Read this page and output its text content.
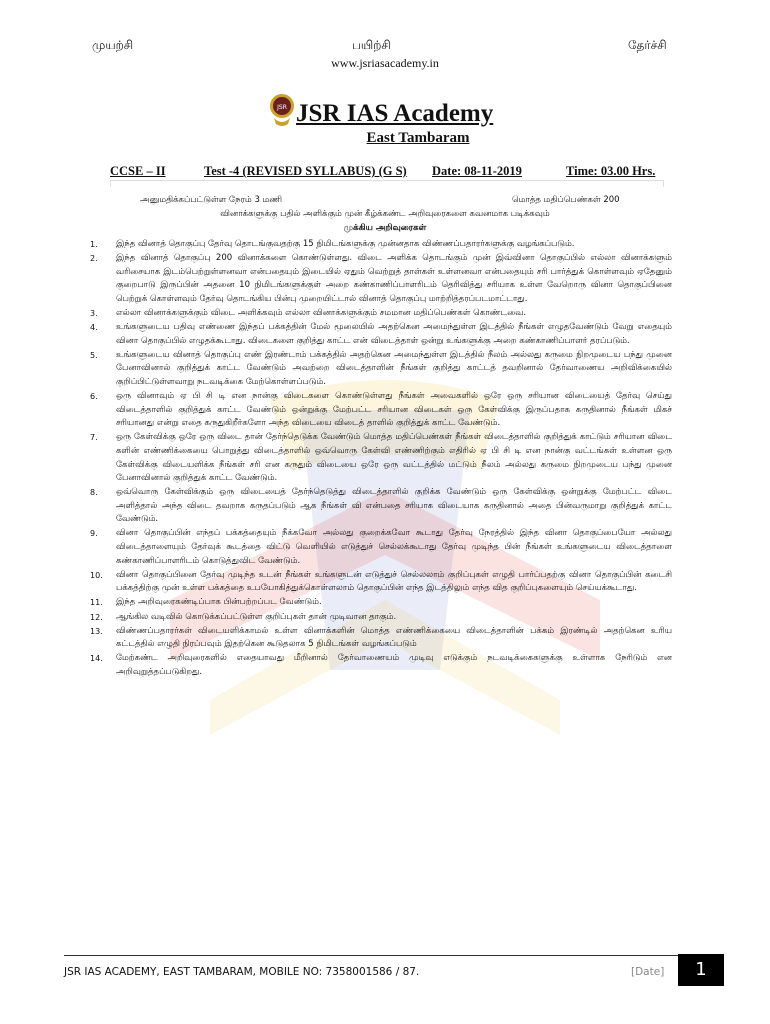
முயற்சி	பயிற்சி	தேர்ச்சி
www.jsriasacademy.in
JSR JSR IAS Academy
East Tambaram
CCSE – II	Test -4 (REVISED SYLLABUS) (G S) Date: 08-11-2019	Time: 03.00 Hrs.
அனுமதிக்கப்பட்டுள்ள நேரம் 3 மணி	மொத்த மதிப்பெண்கள் 200
வினாக்களுக்கு பதில் அளிக்கும் முன் கீழ்க்கண்ட அறிவுரைகளை கவனமாக படிக்கவும்
முக்கிய அறிவுரைகள்
1. இந்த வினாத் தொகுப்பு தேர்வு தொடங்குவதற்கு 15 நிமிடங்களுக்கு முன்னதாக விண்ணப்பதாரர்களுக்கு வழங்கப்படும்.
2. இந்த வினாத் தொகுப்பு 200 வினாக்களை கொண்டுள்ளது. விடை அளிக்க தொடங்கும் முன் இவ்வினா தொகுப்பில் எல்லா வினாக்களும் வரிசையாக இடம்பெற்றுள்ளனவா என்பதையும் இடையில் ஏதும் வெற்றுத் தாள்கள் உள்ளனவா என்பதையும் சரி பார்த்துக் கொள்ளவும் ஏதேனும் குறைபாடு இருப்பின் அதனை 10 நிமிடங்களுக்குள் அறை கண்காணிப்பாளரிடம் தெரிவித்து சரியாக உள்ள வேறொரு வினா தொகுப்பினை பெற்றுக் கொள்ளவும் தேர்வு தொடங்கிய பின்பு முறையிட்டால் வினாத் தொகுப்பு மாற்றித்தரப்படமாட்டாது.
3. எல்லா வினாக்களுக்கும் விடை அளிக்கவும் எல்லா வினாக்களுக்கும் சமமான மதிப்பெண்கள் கொண்டவை.
4. உங்களுடைய பதிவு எண்ணை இந்தப் பக்கத்தின் மேல் மூலையில் அதற்கென அமைந்துள்ள இடத்தில் நீங்கள் எழுதவேண்டும் வேறு எதையும் வினா தொகுப்பில் எழுதக்கூடாது. விடைகளை குறித்து காட்ட என் விடைத்தாள் ஒன்று உங்களுக்கு அறை கண்காணிப்பாளர் தரப்படும்.
5. உங்களுடைய வினாத் தொகுப்பு எண் இரண்டாம் பக்கத்தில் அதற்கென அமைந்துள்ள இடத்தில் நீலம் அல்லது கருமை நிறமுடைய பந்து முனை பேனாவினால் குறித்துக் காட்ட வேண்டும் அவற்றை விடைத்தாளின் நீங்கள் குறித்து காட்டத் தவறினால் தேர்வாணைய அறிவிக்கையில் குறிப்பிட்டுள்ளவாறு நடவடிக்கை மேற்கொள்ளப்படும்.
6. ஒரு வினாவும் ஏ பி சி டி என நான்கு விடைகளை கொண்டுள்ளது நீங்கள் அவைகளில் ஒரே ஒரு சரியான விடையைத் தேர்வு செய்து விடைத்தாளில் குறித்துக் காட்ட வேண்டும் ஒன்றுக்கு மேற்பட்ட சரியான விடைகள் ஒரு கேள்விக்கு இருப்பதாக கருதினால் நீங்கள் மிகச் சரியானது என்று எதை கருதுகிறீர்களோ அந்த விடையை விடைத் தாளில் குறித்துக் காட்ட வேண்டும்.
7. ஒரு கேள்விக்கு ஒரே ஒரு விடை தான் தேர்ந்தெடுக்க வேண்டும் மொத்த மதிப்பெண்கள் நீங்கள் விடைத்தாளில் குறித்துக் காட்டும் சரியான விடை களின் எண்ணிக்கையை பொறுத்து விடைத்தாளில் ஒவ்வொரு கேள்வி எண்ணிற்கும் எதிரில் ஏ பி சி டி என நான்கு வட்டங்கள் உள்ளன ஒரு கேள்விக்கு விடையளிக்க நீங்கள் சரி என கருதும் விடையை ஒரே ஒரு வட்டத்தில் மட்டும் நீலம் அல்லது கருமை நிறமுடைய பந்து முனை பேனாவினால் குறித்துக் காட்ட வேண்டும்.
8. ஒவ்வொரு கேள்விக்கும் ஒரு விடையைத் தேர்ந்தெடுத்து விடைத்தாளில் குறிக்க வேண்டும் ஒரு கேள்விக்கு ஒன்றுக்கு மேற்பட்ட விடை அளித்தால் அந்த விடை தவறாக கருதப்படும் ஆக நீங்கள் வி என்பதை சரியாக விடையாக கருதினால் அதை பின்வருமாறு குறித்துக் காட்ட வேண்டும்.
9. வினா தொகுப்பின் எந்தப் பக்கத்தையும் நீக்கவோ அல்லது குறைக்கவோ கூடாது தேர்வு நேரத்தில் இந்த வினா தொகுப்பையோ அல்லது விடைத்தாளையும் தேர்வுக் கூடத்தை விட்டு வெளியில் எடுத்துச் செல்லக்கூடாது தேர்வு முடிந்த பின் நீங்கள் உங்களுடைய விடைத்தாளை கண்காணிப்பாளரிடம் கொடுத்துவிட வேண்டும்.
10. வினா தொகுப்பினை தேர்வு முடிந்த உடன் நீங்கள் உங்களுடன் எடுத்துச் செல்லலாம் குறிப்புகள் எழுதி பார்ப்பதற்கு வினா தொகுப்பின் கடைசி பக்கத்திற்கு முன் உள்ள பக்கத்தை உபயோகித்துக்கொள்ளலாம் தொகுப்பின் எந்த இடத்திலும் எந்த வித குறிப்புகளையும் செய்யக்கூடாது.
11. இந்த அறிவுரைகண்டிப்பாக பின்பற்றப்பட வேண்டும்.
12. ஆங்கில வடிவில் கொடுக்கப்பட்டுள்ள குறிப்புகள் தான் முடிவான தாகும்.
13. விண்ணப்பதாரர்கள் விடையளிக்காமல் உள்ள வினாக்களின் மொத்த எண்ணிக்கையை விடைத்தாளின் பக்கம் இரண்டில் அதற்கென உரிய கட்டத்தில் எழுதி நிரப்பவும் இதற்கென கூடுதலாக 5 நிமிடங்கள் வழங்கப்படும்
14. மேற்கண்ட அறிவுரைகளில் எதையாவது மீறினால் தேர்வாணையம் முடிவு எடுக்கும் நடவடிக்கைகளுக்கு உள்ளாக நேரிடும் என அறிவுறுத்தப்படுகிறது.
JSR IAS ACADEMY, EAST TAMBARAM, MOBILE NO: 7358001586 / 87.	[Date]	1
